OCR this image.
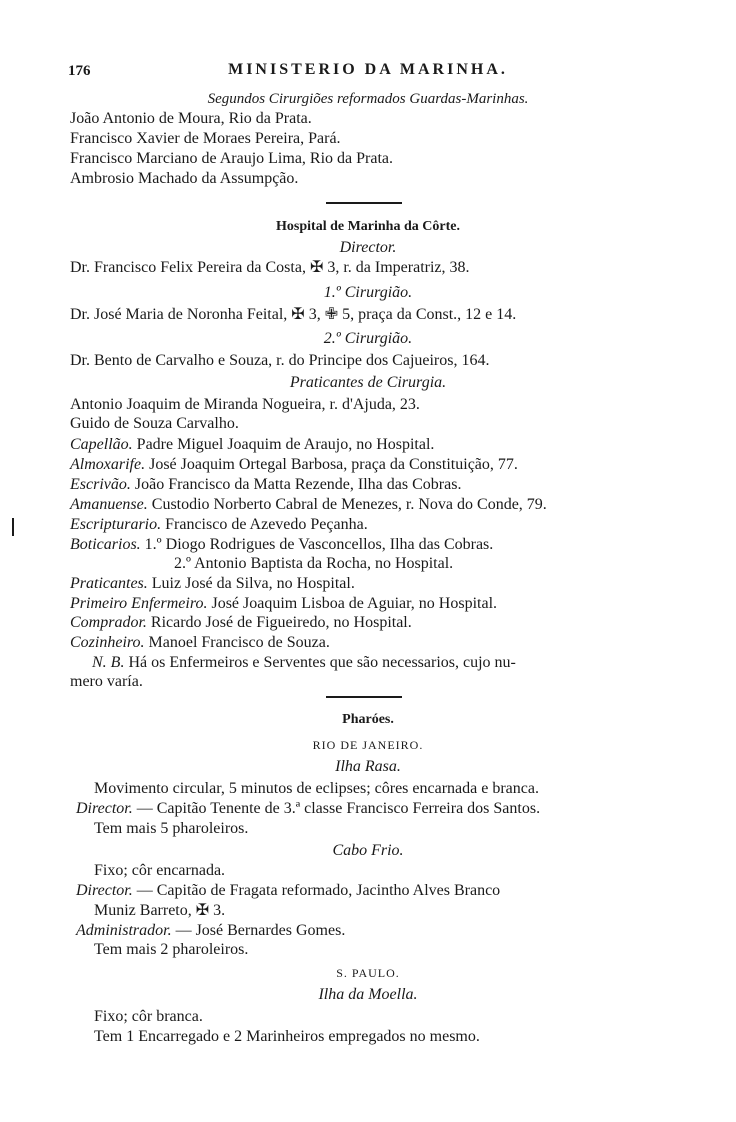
176	MINISTERIO DA MARINHA.
Segundos Cirurgiões reformados Guardas-Marinhas.
João Antonio de Moura, Rio da Prata.
Francisco Xavier de Moraes Pereira, Pará.
Francisco Marciano de Araujo Lima, Rio da Prata.
Ambrosio Machado da Assumpção.
Hospital de Marinha da Côrte.
Director.
Dr. Francisco Felix Pereira da Costa, ✠ 3, r. da Imperatriz, 38.
1.º Cirurgião.
Dr. José Maria de Noronha Feital, ✠ 3, ✙ 5, praça da Const., 12 e 14.
2.º Cirurgião.
Dr. Bento de Carvalho e Souza, r. do Principe dos Cajueiros, 164.
Praticantes de Cirurgia.
Antonio Joaquim de Miranda Nogueira, r. d'Ajuda, 23.
Guido de Souza Carvalho.
Capellão. Padre Miguel Joaquim de Araujo, no Hospital.
Almoxarife. José Joaquim Ortegal Barbosa, praça da Constituição, 77.
Escrivão. João Francisco da Matta Rezende, Ilha das Cobras.
Amanuense. Custodio Norberto Cabral de Menezes, r. Nova do Conde, 79.
Escripturario. Francisco de Azevedo Peçanha.
Boticarios. 1.º Diogo Rodrigues de Vasconcellos, Ilha das Cobras.
2.º Antonio Baptista da Rocha, no Hospital.
Praticantes. Luiz José da Silva, no Hospital.
Primeiro Enfermeiro. José Joaquim Lisboa de Aguiar, no Hospital.
Comprador. Ricardo José de Figueiredo, no Hospital.
Cozinheiro. Manoel Francisco de Souza.
N. B. Há os Enfermeiros e Serventes que são necessarios, cujo nu-
mero varía.
Pharóes.
RIO DE JANEIRO.
Ilha Rasa.
Movimento circular, 5 minutos de eclipses; côres encarnada e branca.
Director. — Capitão Tenente de 3.ª classe Francisco Ferreira dos Santos.
Tem mais 5 pharoleiros.
Cabo Frio.
Fixo; côr encarnada.
Director. — Capitão de Fragata reformado, Jacintho Alves Branco
Muniz Barreto, ✠ 3.
Administrador. — José Bernardes Gomes.
Tem mais 2 pharoleiros.
S. PAULO.
Ilha da Moella.
Fixo; côr branca.
Tem 1 Encarregado e 2 Marinheiros empregados no mesmo.
